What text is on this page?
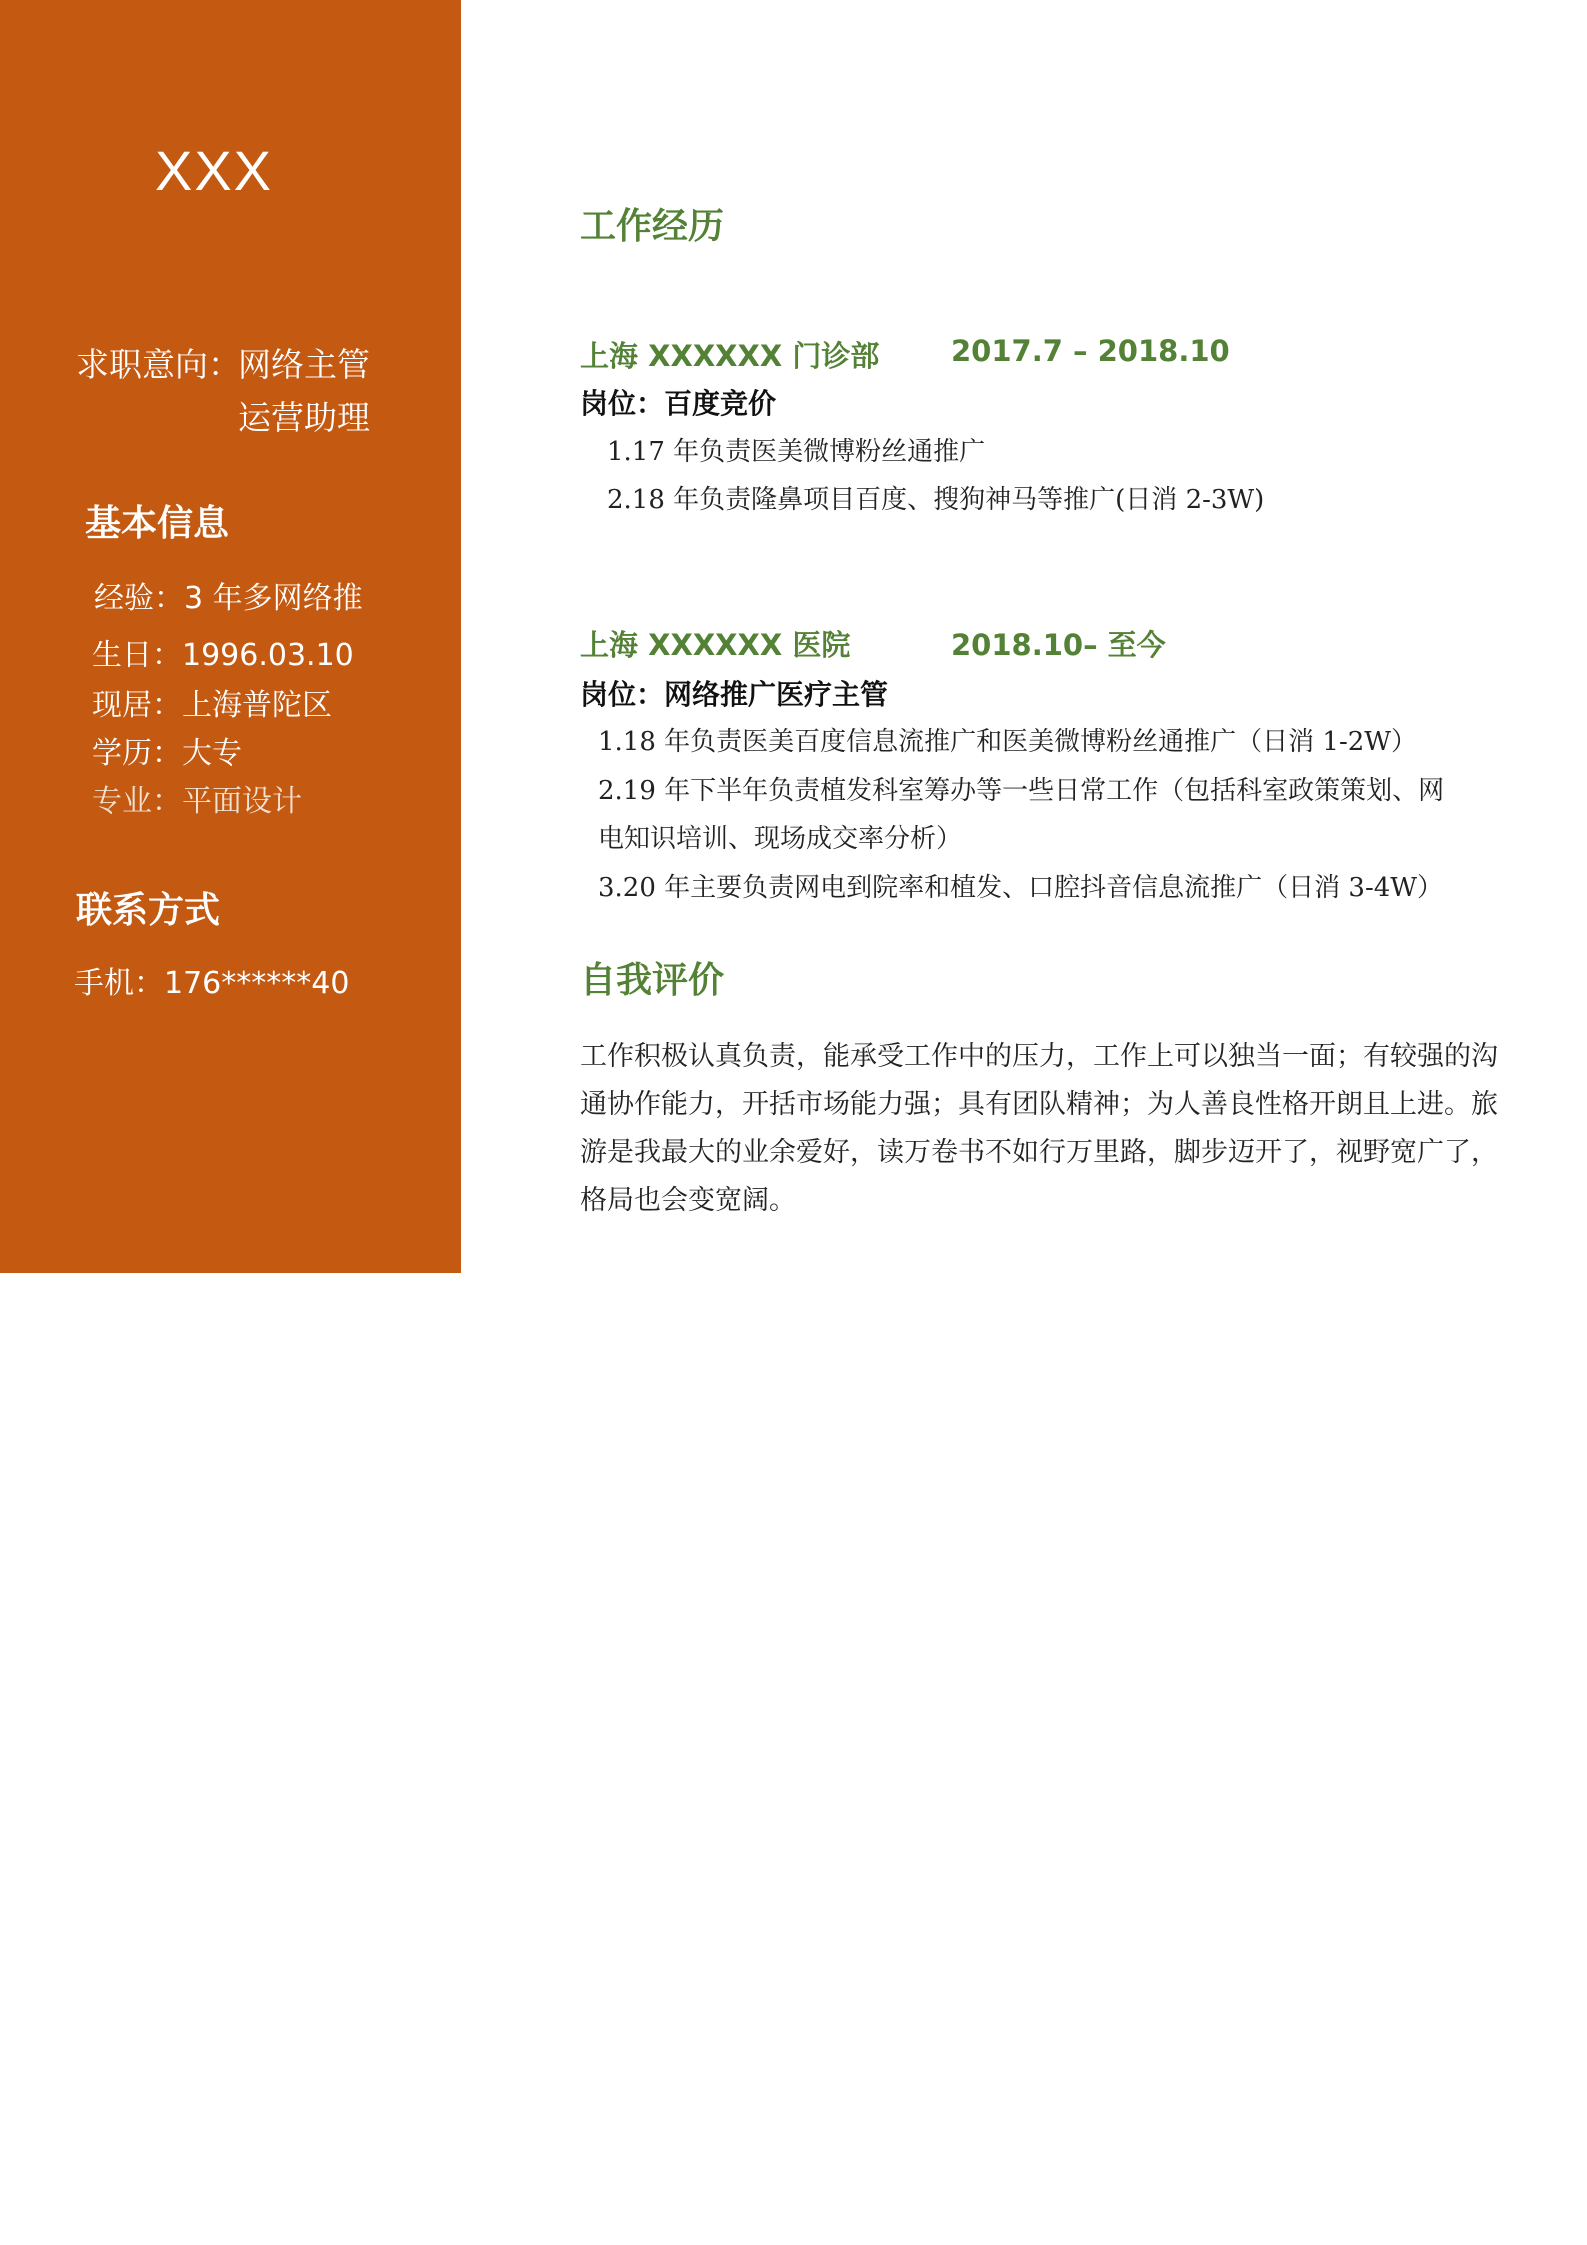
XXX
求职意向：
网络主管
运营助理
基本信息
经验：3 年多网络推
生日：1996.03.10
现居：上海普陀区
学历：大专
专业：平面设计
联系方式
手机：176******40
工作经历
上海 XXXXXX 门诊部 2017.7 – 2018.10
岗位：百度竞价
1.17 年负责医美微博粉丝通推广
2.18 年负责隆鼻项目百度、搜狗神马等推广(日消 2-3W)
上海 XXXXXX 医院	2018.10– 至今
岗位：网络推广医疗主管
1.18 年负责医美百度信息流推广和医美微博粉丝通推广（日消 1-2W）
2.19 年下半年负责植发科室筹办等一些日常工作（包括科室政策策划、网
电知识培训、现场成交率分析）
3.20 年主要负责网电到院率和植发、口腔抖音信息流推广（日消 3-4W）
自我评价
工作积极认真负责，能承受工作中的压力，工作上可以独当一面；有较强的沟通协作能力，开括市场能力强；具有团队精神；为人善良性格开朗且上进。旅游是我最大的业余爱好，读万卷书不如行万里路，脚步迈开了，视野宽广了，格局也会变宽阔。
